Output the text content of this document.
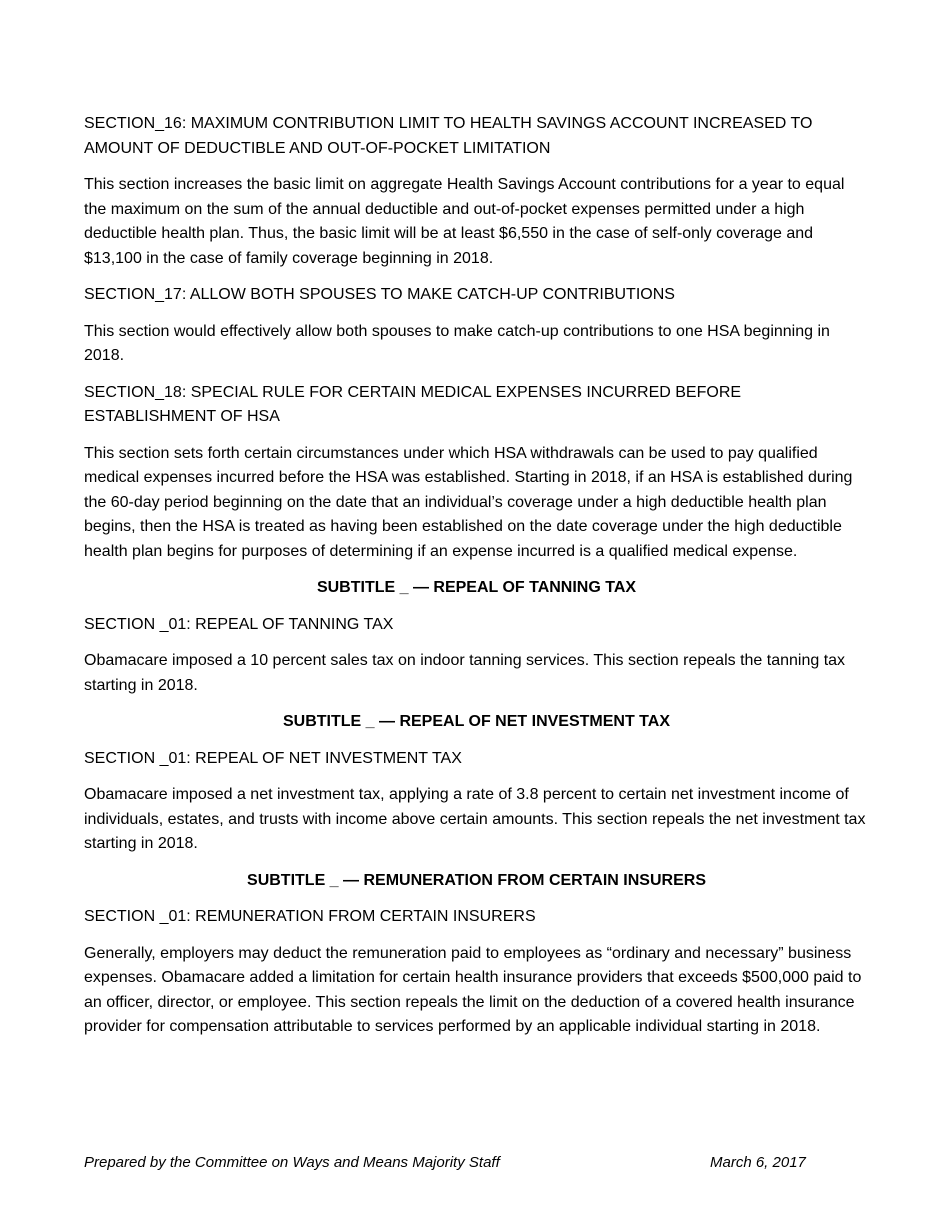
SECTION_16: MAXIMUM CONTRIBUTION LIMIT TO HEALTH SAVINGS ACCOUNT INCREASED TO AMOUNT OF DEDUCTIBLE AND OUT-OF-POCKET LIMITATION

This section increases the basic limit on aggregate Health Savings Account contributions for a year to equal the maximum on the sum of the annual deductible and out-of-pocket expenses permitted under a high deductible health plan. Thus, the basic limit will be at least $6,550 in the case of self-only coverage and $13,100 in the case of family coverage beginning in 2018.

SECTION_17: ALLOW BOTH SPOUSES TO MAKE CATCH-UP CONTRIBUTIONS

This section would effectively allow both spouses to make catch-up contributions to one HSA beginning in 2018.

SECTION_18: SPECIAL RULE FOR CERTAIN MEDICAL EXPENSES INCURRED BEFORE ESTABLISHMENT OF HSA

This section sets forth certain circumstances under which HSA withdrawals can be used to pay qualified medical expenses incurred before the HSA was established. Starting in 2018, if an HSA is established during the 60-day period beginning on the date that an individual’s coverage under a high deductible health plan begins, then the HSA is treated as having been established on the date coverage under the high deductible health plan begins for purposes of determining if an expense incurred is a qualified medical expense.

SUBTITLE _ — REPEAL OF TANNING TAX

SECTION _01: REPEAL OF TANNING TAX

Obamacare imposed a 10 percent sales tax on indoor tanning services. This section repeals the tanning tax starting in 2018.

SUBTITLE _ — REPEAL OF NET INVESTMENT TAX

SECTION _01: REPEAL OF NET INVESTMENT TAX

Obamacare imposed a net investment tax, applying a rate of 3.8 percent to certain net investment income of individuals, estates, and trusts with income above certain amounts. This section repeals the net investment tax starting in 2018.

SUBTITLE _ — REMUNERATION FROM CERTAIN INSURERS

SECTION _01: REMUNERATION FROM CERTAIN INSURERS

Generally, employers may deduct the remuneration paid to employees as “ordinary and necessary” business expenses. Obamacare added a limitation for certain health insurance providers that exceeds $500,000 paid to an officer, director, or employee. This section repeals the limit on the deduction of a covered health insurance provider for compensation attributable to services performed by an applicable individual starting in 2018.

Prepared by the Committee on Ways and Means Majority Staff	March 6, 2017
